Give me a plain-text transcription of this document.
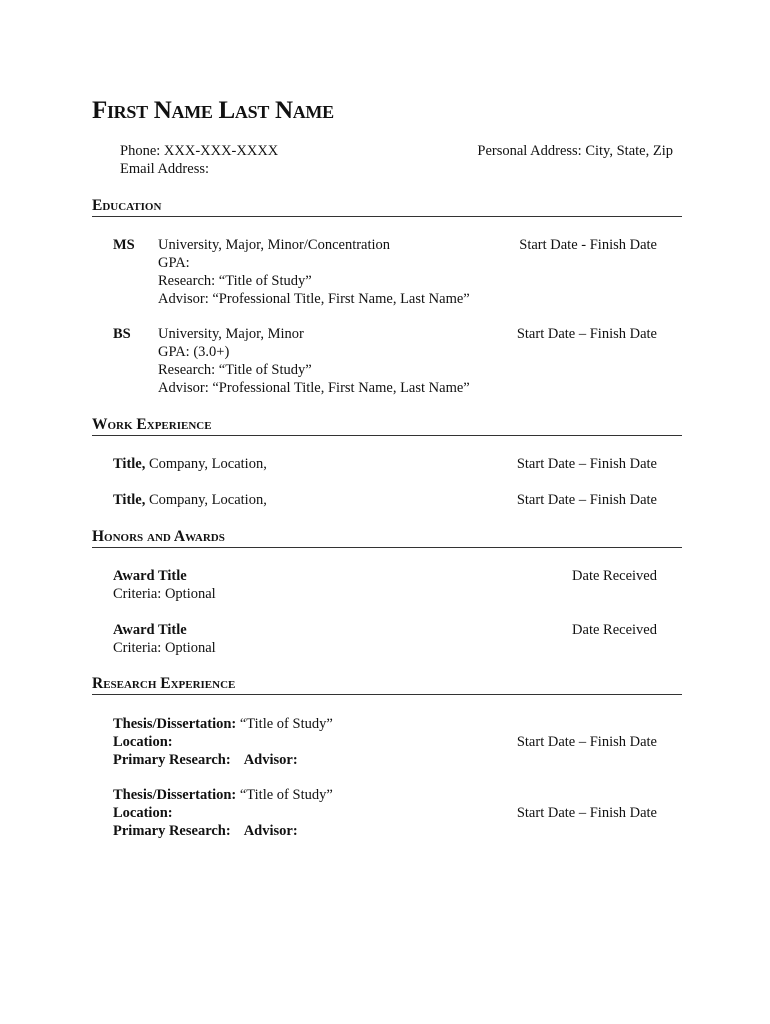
First Name Last Name
Phone: XXX-XXX-XXXX
Email Address:
Personal Address: City, State, Zip
Education
MS University, Major, Minor/Concentration
GPA:
Research: “Title of Study”
Advisor: “Professional Title, First Name, Last Name”
Start Date - Finish Date
BS University, Major, Minor
GPA: (3.0+)
Research: “Title of Study”
Advisor: “Professional Title, First Name, Last Name”
Start Date – Finish Date
Work Experience
Title, Company, Location,	Start Date – Finish Date
Title, Company, Location,	Start Date – Finish Date
Honors and Awards
Award Title
Criteria: Optional
Date Received
Award Title
Criteria: Optional
Date Received
Research Experience
Thesis/Dissertation: “Title of Study”
Location:
Primary Research: Advisor:
Start Date – Finish Date
Thesis/Dissertation: “Title of Study”
Location:
Primary Research: Advisor:
Start Date – Finish Date
